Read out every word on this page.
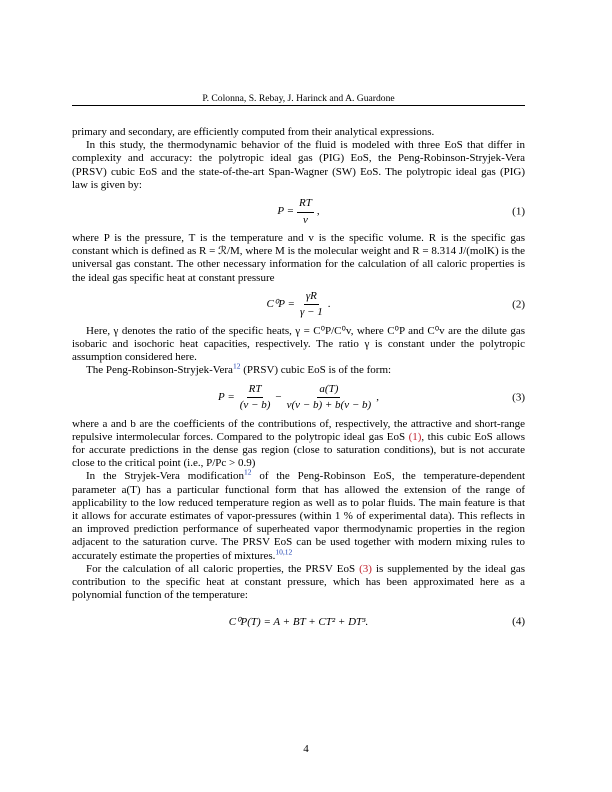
P. Colonna, S. Rebay, J. Harinck and A. Guardone

primary and secondary, are efficiently computed from their analytical expressions.

In this study, the thermodynamic behavior of the fluid is modeled with three EoS that differ in complexity and accuracy: the polytropic ideal gas (PIG) EoS, the Peng-Robinson-Stryjek-Vera (PRSV) cubic EoS and the state-of-the-art Span-Wagner (SW) EoS. The polytropic ideal gas (PIG) law is given by:

$P = \frac{RT}{v}$ ,	(1)

where P is the pressure, T is the temperature and v is the specific volume. R is the specific gas constant which is defined as R = ℛ/M, where M is the molecular weight and R = 8.314 J/(molK) is the universal gas constant. The other necessary information for the calculation of all caloric properties is the ideal gas specific heat at constant pressure

$C^0P = \frac{\gamma R}{\gamma - 1}$ .	(2)

Here, γ denotes the ratio of the specific heats, γ = C⁰P/C⁰v, where C⁰P and C⁰v are the dilute gas isobaric and isochoric heat capacities, respectively. The ratio γ is constant under the polytropic assumption considered here.

The Peng-Robinson-Stryjek-Vera$^{12}$ (PRSV) cubic EoS is of the form:

$P = \frac{RT}{(v - b)} - \frac{a(T)}{v(v - b) + b(v - b)}$ ,	(3)

where a and b are the coefficients of the contributions of, respectively, the attractive and short-range repulsive intermolecular forces. Compared to the polytropic ideal gas EoS (1), this cubic EoS allows for accurate predictions in the dense gas region (close to saturation conditions), but is not accurate close to the critical point (i.e., P/Pc > 0.9)

In the Stryjek-Vera modification$^{12}$ of the Peng-Robinson EoS, the temperature-dependent parameter a(T) has a particular functional form that has allowed the extension of the range of applicability to the low reduced temperature region as well as to polar fluids. The main feature is that it allows for accurate estimates of vapor-pressures (within 1 % of experimental data). This reflects in an improved prediction performance of superheated vapor thermodynamic properties in the region adjacent to the saturation curve. The PRSV EoS can be used together with modern mixing rules to accurately estimate the properties of mixtures.$^{10,12}$

For the calculation of all caloric properties, the PRSV EoS (3) is supplemented by the ideal gas contribution to the specific heat at constant pressure, which has been approximated here as a polynomial function of the temperature:

C⁰P(T) = A + BT + CT² + DT³.	(4)
4
